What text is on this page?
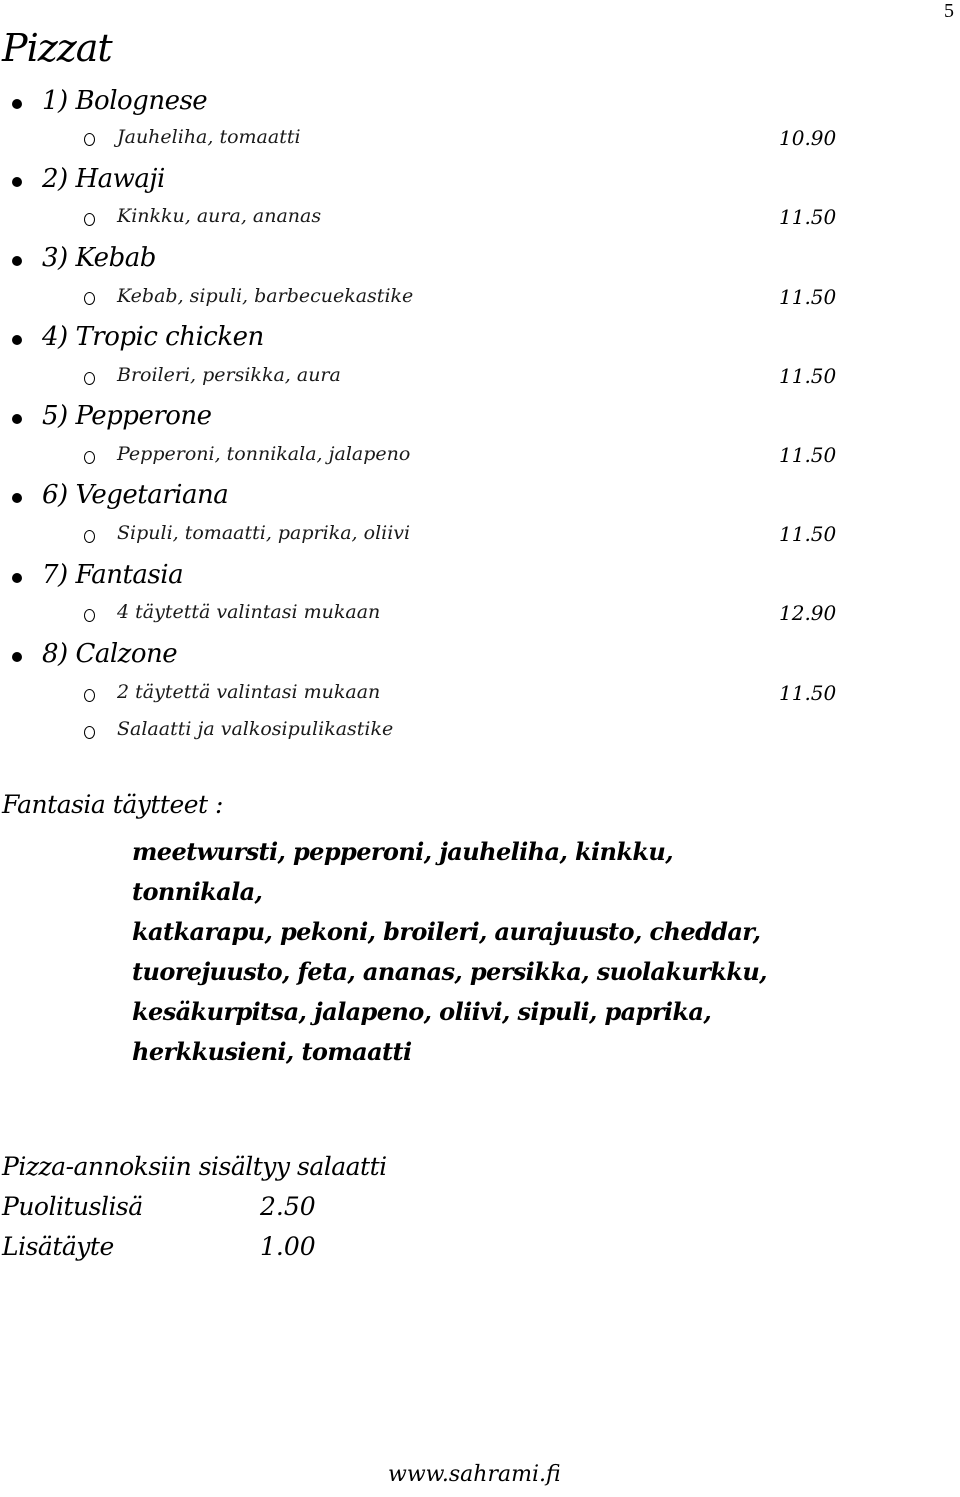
5
Pizzat
1) Bolognese
Jauheliha, tomaatti	10.90
2) Hawaji
Kinkku, aura, ananas	11.50
3) Kebab
Kebab, sipuli, barbecuekastike	11.50
4) Tropic chicken
Broileri, persikka, aura	11.50
5) Pepperone
Pepperoni, tonnikala, jalapeno	11.50
6) Vegetariana
Sipuli, tomaatti, paprika, oliivi	11.50
7) Fantasia
4 täytettä valintasi mukaan	12.90
8) Calzone
2 täytettä valintasi mukaan	11.50
Salaatti ja valkosipulikastike
Fantasia täytteet :
meetwursti, pepperoni, jauheliha, kinkku, tonnikala,
katkarapu, pekoni, broileri, aurajuusto, cheddar,
tuorejuusto, feta, ananas, persikka, suolakurkku,
kesäkurpitsa, jalapeno, oliivi, sipuli, paprika,
herkkusieni, tomaatti
Pizza-annoksiin sisältyy salaatti
Puolituslisä	2.50
Lisätäyte	1.00
www.sahrami.fi
